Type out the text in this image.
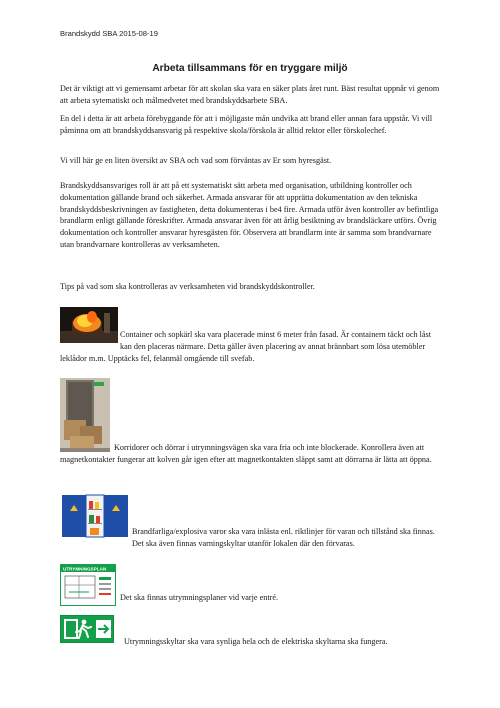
Brandskydd SBA 2015-08-19
Arbeta tillsammans för en tryggare miljö

Det är viktigt att vi gemensamt arbetar för att skolan ska vara en säker plats året runt. Bäst resultat uppnår vi genom att arbeta sytematiskt och målmedvetet med brandskyddsarbete SBA.

En del i detta är att arbeta förebyggande för att i möjligaste mån undvika att brand eller annan fara uppstår. Vi vill påminna om att brandskyddsansvarig på respektive skola/förskola är alltid rektor eller förskolechef.

Vi vill här ge en liten översikt av SBA och vad som förväntas av Er som hyresgäst.

Brandskyddsansvariges roll är att på ett systematiskt sätt arbeta med organisation, utbildning kontroller och dokumentation gällande brand och säkerhet. Armada ansvarar för att upprätta dokumentation av den tekniska brandskyddsbeskrivningen av fastigheten, detta dokumenteras i be4 fire. Armada utför även kontroller av befintliga brandlarm enligt gällande föreskrifter. Armada ansvarar även för att årlig besiktning av brandsläckare utförs. Övrig dokumentation och kontroller ansvarar hyresgästen för. Observera att brandlarm inte är samma som brandvarnare utan brandvarnare kontrolleras av verksamheten.

Tips på vad som ska kontrolleras av verksamheten vid brandskyddskontroller.

Container och sopkärl ska vara placerade minst 6 meter från fasad. Är containern täckt och låst kan den placeras närmare. Detta gäller även placering av annat brännbart som lösa utemöbler leklådor m.m. Upptäcks fel, felanmäl omgående till svefab.

Korridorer och dörrar i utrymningsvägen ska vara fria och inte blockerade. Konrollera även att magnetkontakter fungerar att kolven går igen efter att magnetkontakten släppt samt att dörrarna är lätta att öppna.

Brandfarliga/explosiva varor ska vara inlästa enl. riktlinjer för varan och tillstånd ska finnas. Det ska även finnas varningskyltar utanför lokalen där den förvaras.

UTRYMNINGSPLAN

Det ska finnas utrymningsplaner vid varje entré.

Utrymningsskyltar ska vara synliga hela och de elektriska skyltarna ska fungera.
